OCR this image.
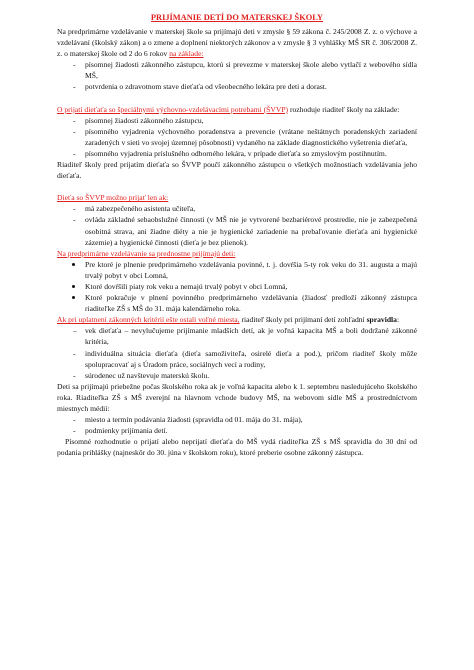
PRIJÍMANIE DETÍ DO MATERSKEJ ŠKOLY

Na predprimárne vzdelávanie v materskej škole sa prijímajú deti v zmysle § 59 zákona č. 245/2008 Z. z. o výchove a vzdelávaní (školský zákon) a o zmene a doplnení niektorých zákonov a v zmysle § 3 vyhlášky MŠ SR č. 306/2008 Z. z. o materskej škole od 2 do 6 rokov na základe:

- písomnej žiadosti zákonného zástupcu, ktorú si prevezme v materskej škole alebo vytlačí z webového sídla MŠ,
- potvrdenia o zdravotnom stave dieťaťa od všeobecného lekára pre deti a dorast.

O prijatí dieťaťa so špeciálnymi výchovno-vzdelávacími potrebami (ŠVVP) rozhoduje riaditeľ školy na základe:

- písomnej žiadosti zákonného zástupcu,
- písomného vyjadrenia výchovného poradenstva a prevencie (vrátane neštátnych poradenských zariadení zaradených v sieti vo svojej územnej pôsobnosti) vydaného na základe diagnostického vyšetrenia dieťaťa,
- písomného vyjadrenia príslušného odborného lekára, v prípade dieťaťa so zmyslovým postihnutím.

Riaditeľ školy pred prijatím dieťaťa so ŠVVP poučí zákonného zástupcu o všetkých možnostiach vzdelávania jeho dieťaťa.

Dieťa so ŠVVP možno prijať len ak:

- má zabezpečeného asistenta učiteľa,
- ovláda základné sebaobslužné činnosti (v MŠ nie je vytvorené bezbariérové prostredie, nie je zabezpečená osobitná strava, ani žiadne diéty a nie je hygienické zariadenie na prebaľovanie dieťaťa ani hygienické zázemie) a hygienické činnosti (dieťa je bez plienok).

Na predprimárne vzdelávanie sa prednostne prijímajú deti:

Pre ktoré je plnenie predprimárneho vzdelávania povinné, t. j. dovŕšia 5-ty rok veku do 31. augusta a majú trvalý pobyt v obci Lomná,
Ktoré dovŕšili piaty rok veku a nemajú trvalý pobyt v obci Lomná,
Ktoré pokračuje v plnení povinného predprimárneho vzdelávania (žiadosť predloží zákonný zástupca riaditeľke ZŠ s MŠ do 31. mája kalendárneho roka.

Ak pri uplatnení zákonných kritérií ešte ostali voľné miesta, riaditeľ školy pri prijímaní detí zohľadní spravidla:

– vek dieťaťa – nevylučujeme prijímanie mladších detí, ak je voľná kapacita MŠ a boli dodržané zákonné kritéria,
- individuálna situácia dieťaťa (dieťa samoživiteľa, osirelé dieťa a pod.), pričom riaditeľ školy môže spolupracovať aj s Úradom práce, sociálnych vecí a rodiny,
- súrodenec už navštevuje materskú školu.

Deti sa prijímajú priebežne počas školského roka ak je voľná kapacita alebo k 1. septembru nasledujúceho školského roka. Riaditeľka ZŠ s MŠ zverejní na hlavnom vchode budovy MŠ, na webovom sídle MŠ a prostredníctvom miestnych médií:

- miesto a termín podávania žiadosti (spravidla od 01. mája do 31. mája),
- podmienky prijímania detí.

Písomné rozhodnutie o prijatí alebo neprijatí dieťaťa do MŠ vydá riaditeľka ZŠ s MŠ spravidla do 30 dní od podania prihlášky (najneskôr do 30. júna v školskom roku), ktoré preberie osobne zákonný zástupca.
